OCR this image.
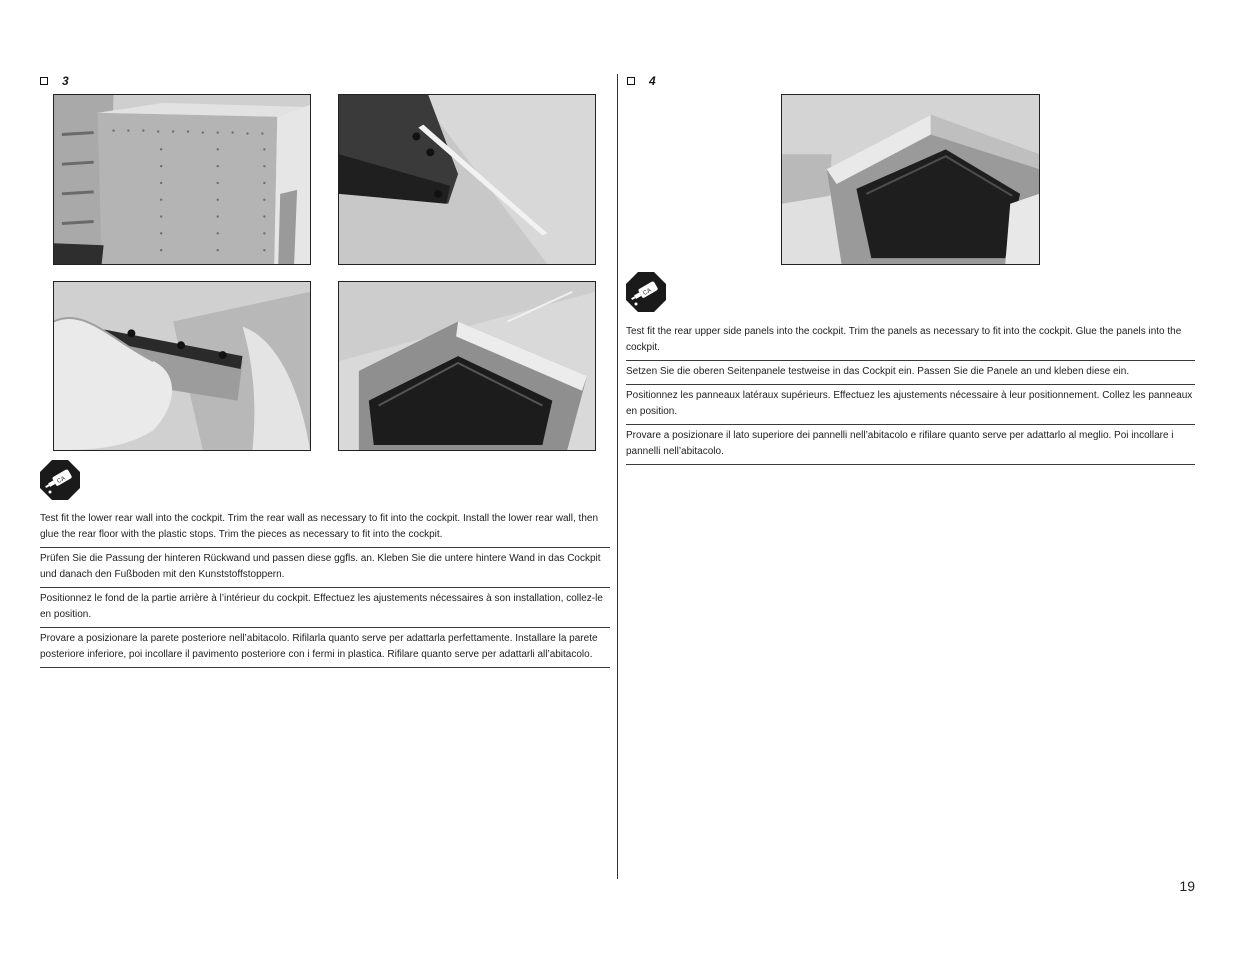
3
CA

Test fit the lower rear wall into the cockpit. Trim the rear wall as necessary to fit into the cockpit. Install the lower rear wall, then glue the rear floor with the plastic stops. Trim the pieces as necessary to fit into the cockpit.

Prüfen Sie die Passung der hinteren Rückwand und passen diese ggfls. an. Kleben Sie die untere hintere Wand in das Cockpit und danach den Fußboden mit den Kunststoffstoppern.

Positionnez le fond de la partie arrière à l’intérieur du cockpit. Effectuez les ajustements nécessaires à son installation, collez-le en position.

Provare a posizionare la parete posteriore nell’abitacolo. Rifilarla quanto serve per adattarla perfettamente. Installare la parete posteriore inferiore, poi incollare il pavimento posteriore con i fermi in plastica. Rifilare quanto serve per adattarli all’abitacolo.

4
CA

Test fit the rear upper side panels into the cockpit. Trim the panels as necessary to fit into the cockpit. Glue the panels into the cockpit.

Setzen Sie die oberen Seitenpanele testweise in das Cockpit ein. Passen Sie die Panele an und kleben diese ein.

Positionnez les panneaux latéraux supérieurs. Effectuez les ajustements nécessaire à leur positionnement. Collez les panneaux en position.

Provare a posizionare il lato superiore dei pannelli nell’abitacolo e rifilare quanto serve per adattarlo al meglio. Poi incollare i pannelli nell’abitacolo.

19
